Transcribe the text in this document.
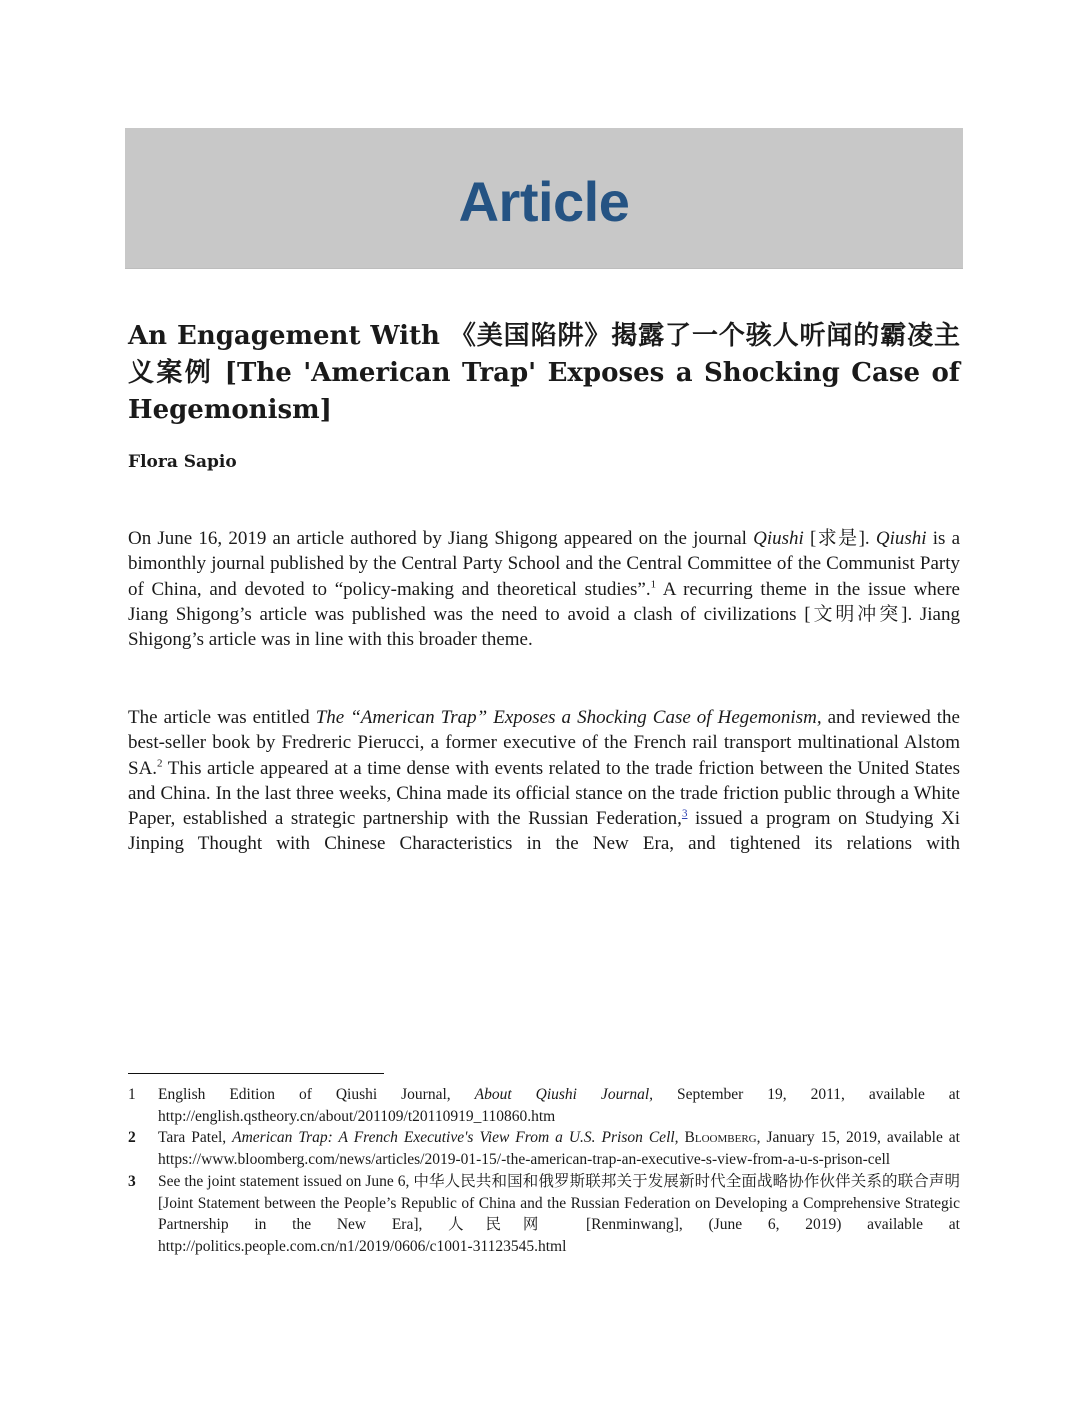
Article
An Engagement With 《美国陷阱》揭露了一个骇人听闻的霸凌主义案例 [The 'American Trap' Exposes a Shocking Case of Hegemonism]
Flora Sapio

On June 16, 2019 an article authored by Jiang Shigong appeared on the journal Qiushi [求是]. Qiushi is a bimonthly journal published by the Central Party School and the Central Committee of the Communist Party of China, and devoted to “policy-making and theoretical studies”.$^1$ A recurring theme in the issue where Jiang Shigong’s article was published was the need to avoid a clash of civilizations [文明冲突]. Jiang Shigong’s article was in line with this broader theme.

The article was entitled The “American Trap” Exposes a Shocking Case of Hegemonism, and reviewed the best-seller book by Fredreric Pierucci, a former executive of the French rail transport multinational Alstom SA.$^2$ This article appeared at a time dense with events related to the trade friction between the United States and China. In the last three weeks, China made its official stance on the trade friction public through a White Paper, established a strategic partnership with the Russian Federation,$^3$ issued a program on Studying Xi Jinping Thought with Chinese Characteristics in the New Era, and tightened its relations with

1	English Edition of Qiushi Journal, About Qiushi Journal, September 19, 2011, available at http://english.qstheory.cn/about/201109/t20110919_110860.htm
2	Tara Patel, American Trap: A French Executive's View From a U.S. Prison Cell, Bloomberg, January 15, 2019, available at https://www.bloomberg.com/news/articles/2019-01-15/-the-american-trap-an-executive-s-view-from-a-u-s-prison-cell
3	See the joint statement issued on June 6, 中华人民共和国和俄罗斯联邦关于发展新时代全面战略协作伙伴关系的联合声明 [Joint Statement between the People’s Republic of China and the Russian Federation on Developing a Comprehensive Strategic Partnership in the New Era], 人民网 [Renminwang], (June 6, 2019) available at http://politics.people.com.cn/n1/2019/0606/c1001-31123545.html
